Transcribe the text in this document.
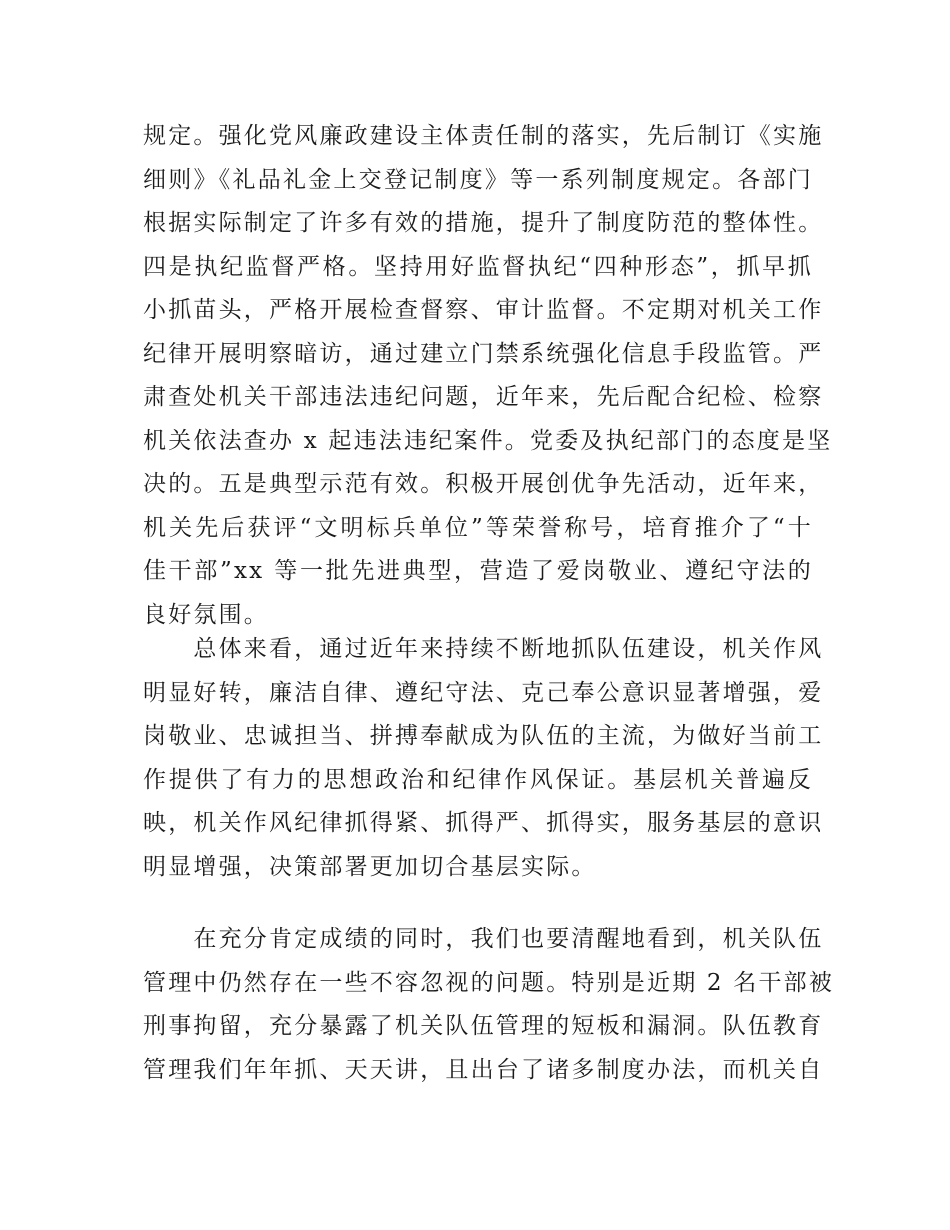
规定。强化党风廉政建设主体责任制的落实，先后制订《实施
细则》《礼品礼金上交登记制度》等一系列制度规定。各部门
根据实际制定了许多有效的措施，提升了制度防范的整体性。
四是执纪监督严格。坚持用好监督执纪“四种形态”，抓早抓
小抓苗头，严格开展检查督察、审计监督。不定期对机关工作
纪律开展明察暗访，通过建立门禁系统强化信息手段监管。严
肃查处机关干部违法违纪问题，近年来，先后配合纪检、检察
机关依法查办 x 起违法违纪案件。党委及执纪部门的态度是坚
决的。五是典型示范有效。积极开展创优争先活动，近年来，
机关先后获评“文明标兵单位”等荣誉称号，培育推介了“十
佳干部”xx 等一批先进典型，营造了爱岗敬业、遵纪守法的
良好氛围。
　　总体来看，通过近年来持续不断地抓队伍建设，机关作风
明显好转，廉洁自律、遵纪守法、克己奉公意识显著增强，爱
岗敬业、忠诚担当、拼搏奉献成为队伍的主流，为做好当前工
作提供了有力的思想政治和纪律作风保证。基层机关普遍反
映，机关作风纪律抓得紧、抓得严、抓得实，服务基层的意识
明显增强，决策部署更加切合基层实际。
　　在充分肯定成绩的同时，我们也要清醒地看到，机关队伍
管理中仍然存在一些不容忽视的问题。特别是近期 2 名干部被
刑事拘留，充分暴露了机关队伍管理的短板和漏洞。队伍教育
管理我们年年抓、天天讲，且出台了诸多制度办法，而机关自
